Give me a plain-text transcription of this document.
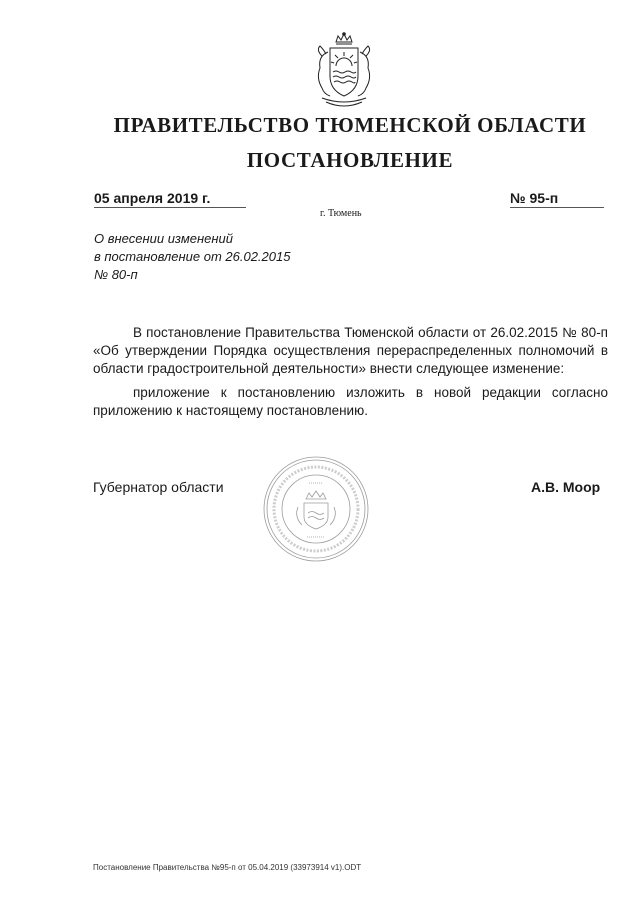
ПРАВИТЕЛЬСТВО ТЮМЕНСКОЙ ОБЛАСТИ
ПОСТАНОВЛЕНИЕ
05 апреля 2019 г.	№ 95-п
г. Тюмень
О внесении изменений
в постановление от 26.02.2015
№ 80-п

В постановление Правительства Тюменской области от 26.02.2015 № 80-п «Об утверждении Порядка осуществления перераспределенных полномочий в области градостроительной деятельности» внести следующее изменение:

приложение к постановлению изложить в новой редакции согласно приложению к настоящему постановлению.

Губернатор области	А.В. Моор
Постановление Правительства №95-п от 05.04.2019 (33973914 v1).ODT
